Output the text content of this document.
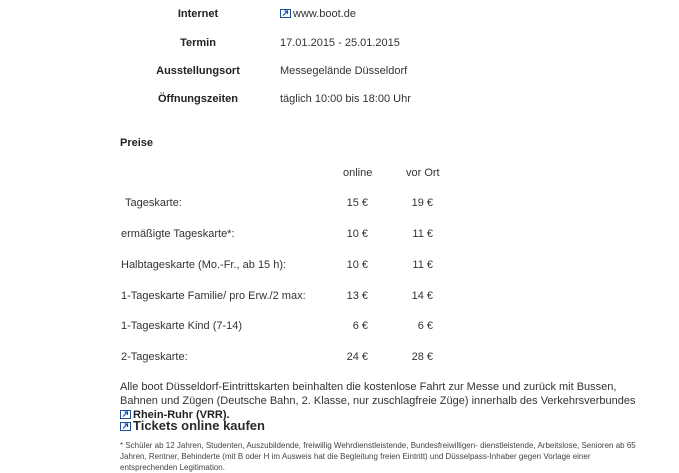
Internet	www.boot.de
Termin	17.01.2015 - 25.01.2015
Ausstellungsort	Messegelände Düsseldorf
Öffnungszeiten	täglich 10:00 bis 18:00 Uhr
Preise
online	vor Ort
Tageskarte:	15 €	19 €
ermäßigte Tageskarte*:	10 €	11 €
Halbtageskarte (Mo.-Fr., ab 15 h):	10 €	11 €
1-Tageskarte Familie/ pro Erw./2 max:	13 €	14 €
1-Tageskarte Kind (7-14)	6 €	6 €
2-Tageskarte:	24 €	28 €
Alle boot Düsseldorf-Eintrittskarten beinhalten die kostenlose Fahrt zur Messe und zurück mit Bussen, Bahnen und Zügen (Deutsche Bahn, 2. Klasse, nur zuschlagfreie Züge) innerhalb des Verkehrsverbundes Rhein-Ruhr (VRR).
Tickets online kaufen
* Schüler ab 12 Jahren, Studenten, Auszubildende, freiwillig Wehrdienstleistende, Bundesfreiwilligen- dienstleistende, Arbeitslose, Senioren ab 65 Jahren, Rentner, Behinderte (mit B oder H im Ausweis hat die Begleitung freien Eintritt) und Düsselpass-Inhaber gegen Vorlage einer entsprechenden Legitimation.
